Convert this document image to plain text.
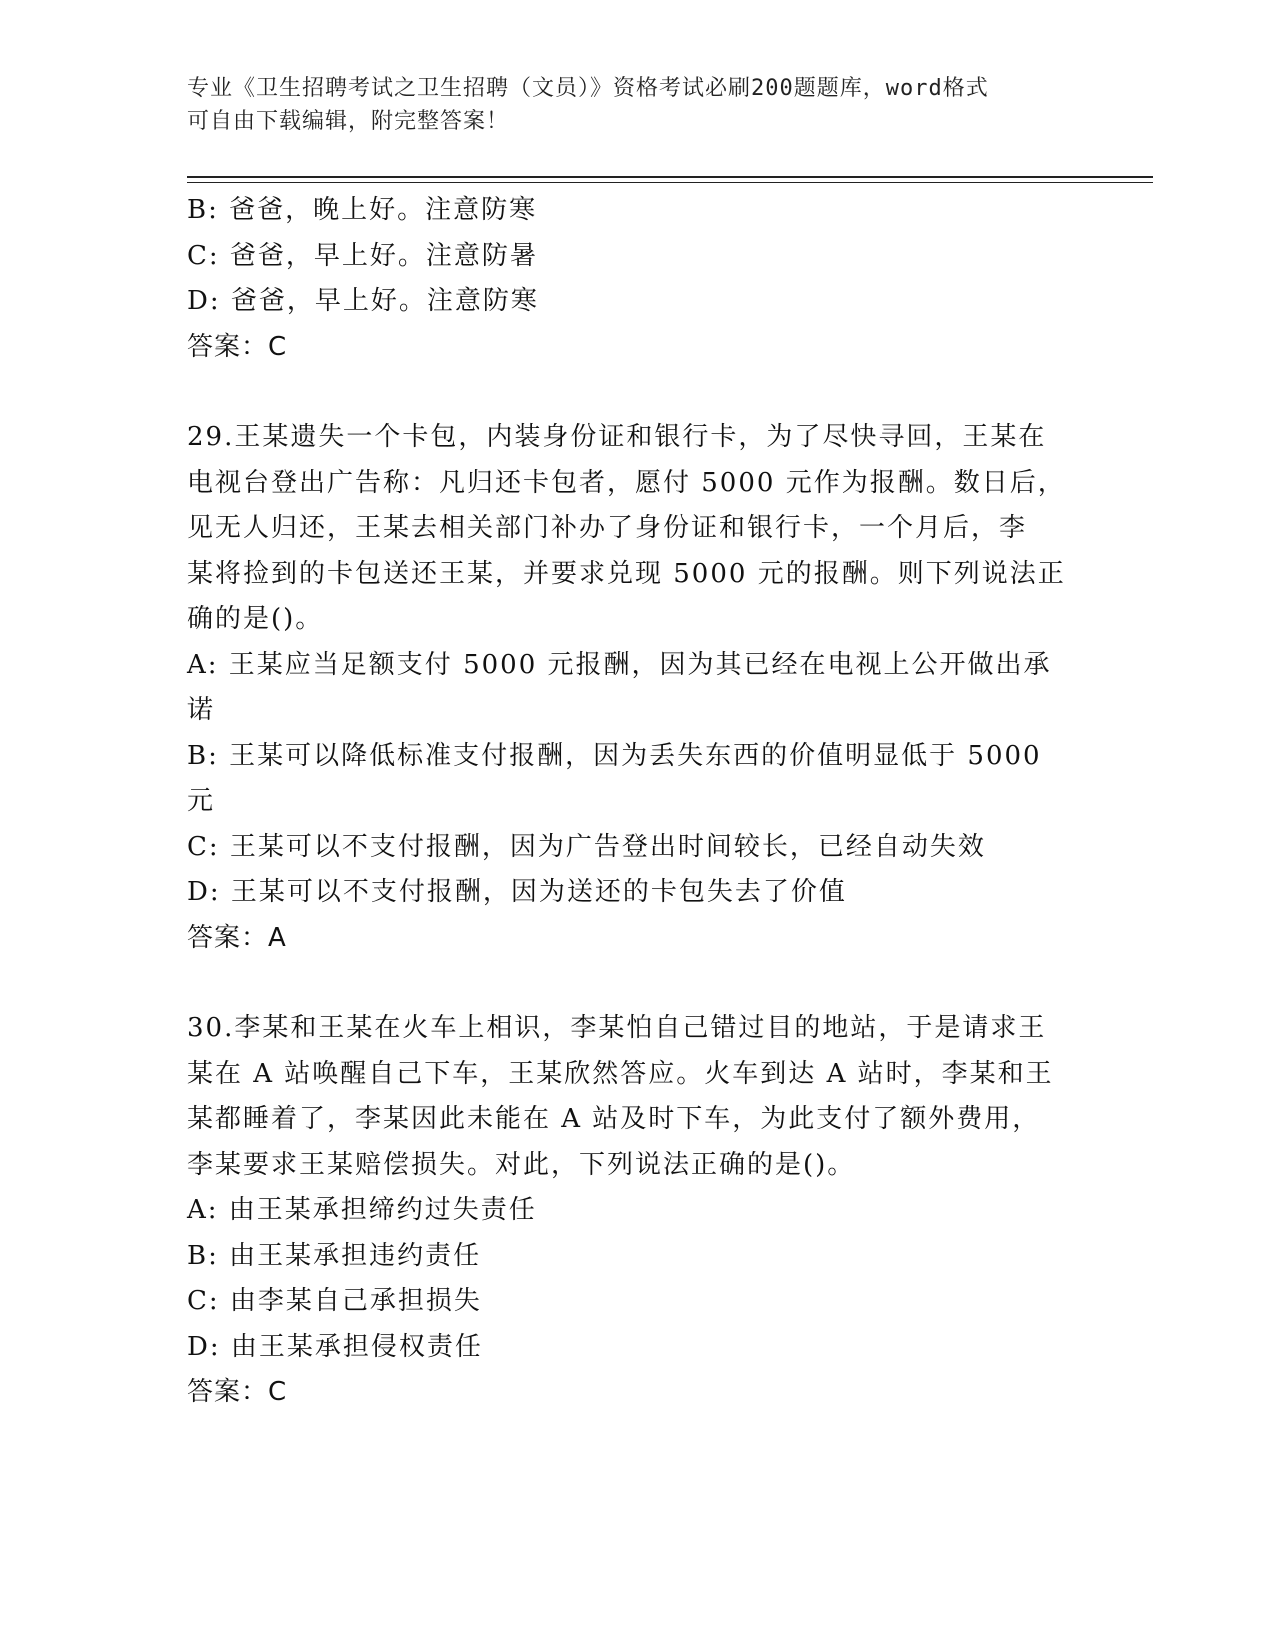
专业《卫生招聘考试之卫生招聘（文员）》资格考试必刷200题题库，word格式

可自由下载编辑，附完整答案！

B: 爸爸，晚上好。注意防寒

C: 爸爸，早上好。注意防暑

D: 爸爸，早上好。注意防寒

答案：C

29.王某遗失一个卡包，内装身份证和银行卡，为了尽快寻回，王某在

电视台登出广告称：凡归还卡包者，愿付 5000 元作为报酬。数日后，

见无人归还，王某去相关部门补办了身份证和银行卡，一个月后，李

某将捡到的卡包送还王某，并要求兑现 5000 元的报酬。则下列说法正

确的是()。

A: 王某应当足额支付 5000 元报酬，因为其已经在电视上公开做出承

诺

B: 王某可以降低标准支付报酬，因为丢失东西的价值明显低于 5000

元

C: 王某可以不支付报酬，因为广告登出时间较长，已经自动失效

D: 王某可以不支付报酬，因为送还的卡包失去了价值

答案：A

30.李某和王某在火车上相识，李某怕自己错过目的地站，于是请求王

某在 A 站唤醒自己下车，王某欣然答应。火车到达 A 站时，李某和王

某都睡着了，李某因此未能在 A 站及时下车，为此支付了额外费用，

李某要求王某赔偿损失。对此，下列说法正确的是()。

A: 由王某承担缔约过失责任

B: 由王某承担违约责任

C: 由李某自己承担损失

D: 由王某承担侵权责任

答案：C
